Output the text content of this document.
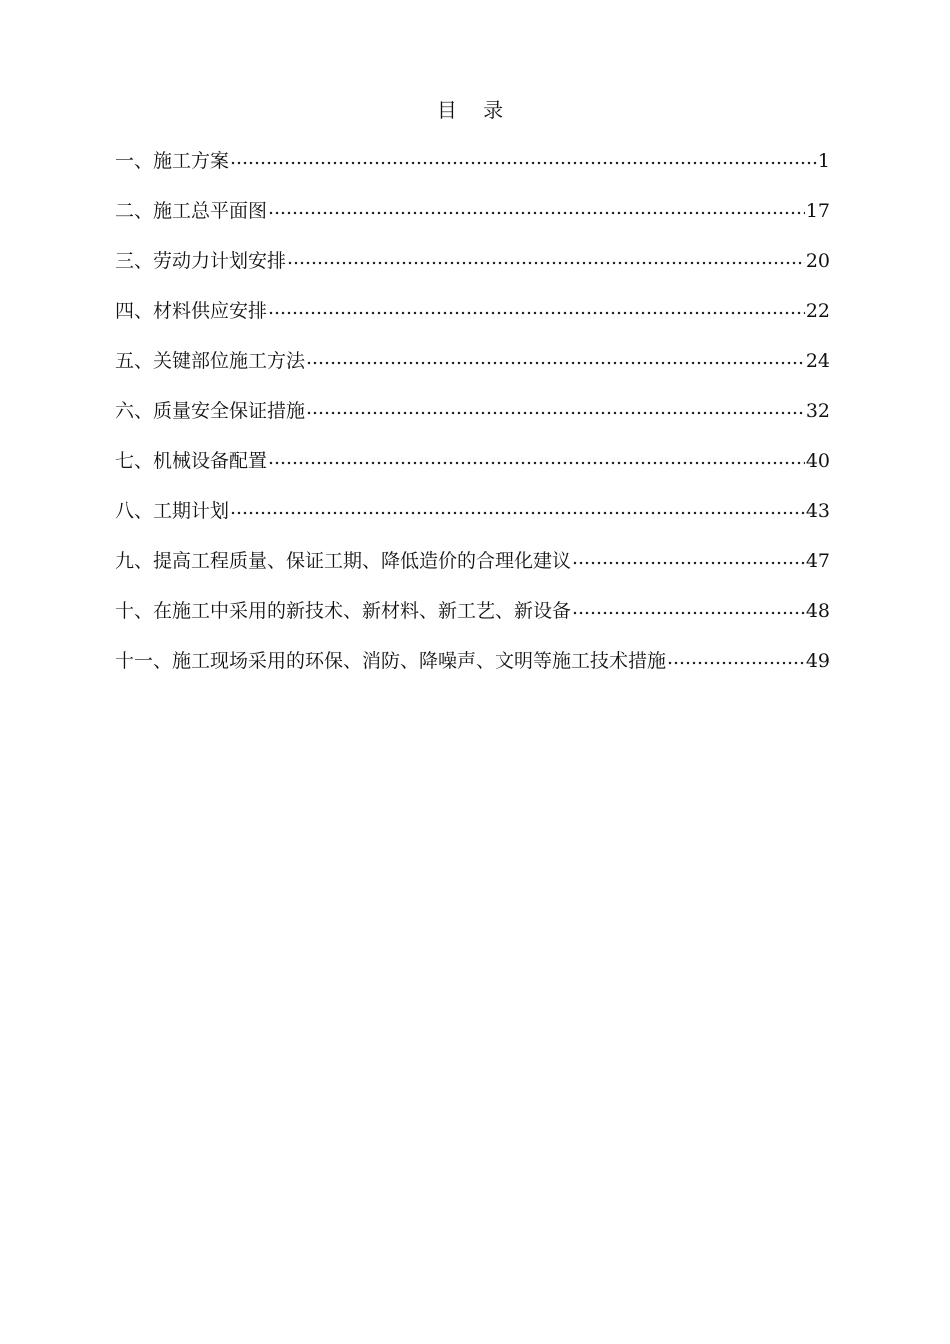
目 录
一、施工方案	1
二、施工总平面图	17
三、劳动力计划安排	20
四、材料供应安排	22
五、关键部位施工方法	24
六、质量安全保证措施	32
七、机械设备配置	40
八、工期计划	43
九、提高工程质量、保证工期、降低造价的合理化建议	47
十、在施工中采用的新技术、新材料、新工艺、新设备	48
十一、施工现场采用的环保、消防、降噪声、文明等施工技术措施	49
